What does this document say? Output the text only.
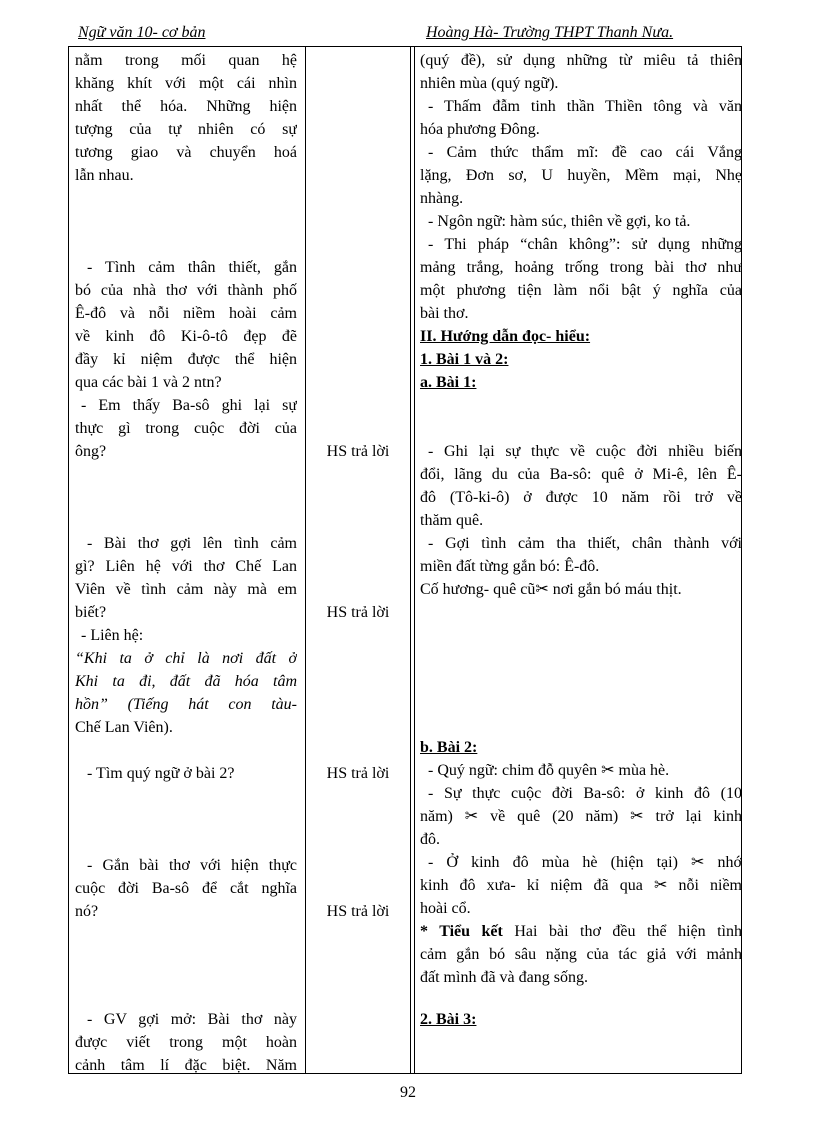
Ngữ văn 10- cơ bản	Hoàng Hà- Trường THPT Thanh Nưa.
nằm trong mối quan hệ
khăng khít với một cái nhìn
nhất thể hóa. Những hiện
tượng của tự nhiên có sự
tương giao và chuyển hoá
lẫn nhau.
- Tình cảm thân thiết, gắn
bó của nhà thơ với thành phố
Ê-đô và nỗi niềm hoài cảm
về kinh đô Ki-ô-tô đẹp đẽ
đầy kỉ niệm được thể hiện
qua các bài 1 và 2 ntn?
- Em thấy Ba-sô ghi lại sự
thực gì trong cuộc đời của
ông?
- Bài thơ gợi lên tình cảm
gì? Liên hệ với thơ Chế Lan
Viên về tình cảm này mà em
biết?
- Liên hệ:
“Khi ta ở chỉ là nơi đất ở
Khi ta đi, đất đã hóa tâm
hồn” (Tiếng hát con tàu-
Chế Lan Viên).
- Tìm quý ngữ ở bài 2?
- Gắn bài thơ với hiện thực
cuộc đời Ba-sô để cắt nghĩa
nó?
- GV gợi mở: Bài thơ này
được viết trong một hoàn
cảnh tâm lí đặc biệt. Năm
HS trả lời
HS trả lời
HS trả lời
HS trả lời
(quý đề), sử dụng những từ miêu tả thiên
nhiên mùa (quý ngữ).
- Thấm đẫm tinh thần Thiền tông và văn
hóa phương Đông.
- Cảm thức thẩm mĩ: đề cao cái Vắng
lặng, Đơn sơ, U huyền, Mềm mại, Nhẹ
nhàng.
- Ngôn ngữ: hàm súc, thiên về gợi, ko tả.
- Thi pháp “chân không”: sử dụng những
mảng trắng, hoảng trống trong bài thơ như
một phương tiện làm nổi bật ý nghĩa của
bài thơ.
II. Hướng dẫn đọc- hiểu:
1. Bài 1 và 2:
a. Bài 1:
- Ghi lại sự thực về cuộc đời nhiều biến
đổi, lãng du của Ba-sô: quê ở Mi-ê, lên Ê-
đô (Tô-ki-ô) ở được 10 năm rồi trở về
thăm quê.
- Gợi tình cảm tha thiết, chân thành với
miền đất từng gắn bó: Ê-đô.
Cố hương- quê cũ✂ nơi gắn bó máu thịt.
b. Bài 2:
- Quý ngữ: chim đỗ quyên ✂ mùa hè.
- Sự thực cuộc đời Ba-sô: ở kinh đô (10
năm) ✂ về quê (20 năm) ✂ trở lại kinh
đô.
- Ở kinh đô mùa hè (hiện tại) ✂ nhớ
kinh đô xưa- kỉ niệm đã qua ✂ nỗi niềm
hoài cổ.
* Tiểu kết Hai bài thơ đều thể hiện tình
cảm gắn bó sâu nặng của tác giả với mảnh
đất mình đã và đang sống.
2. Bài 3:
92
